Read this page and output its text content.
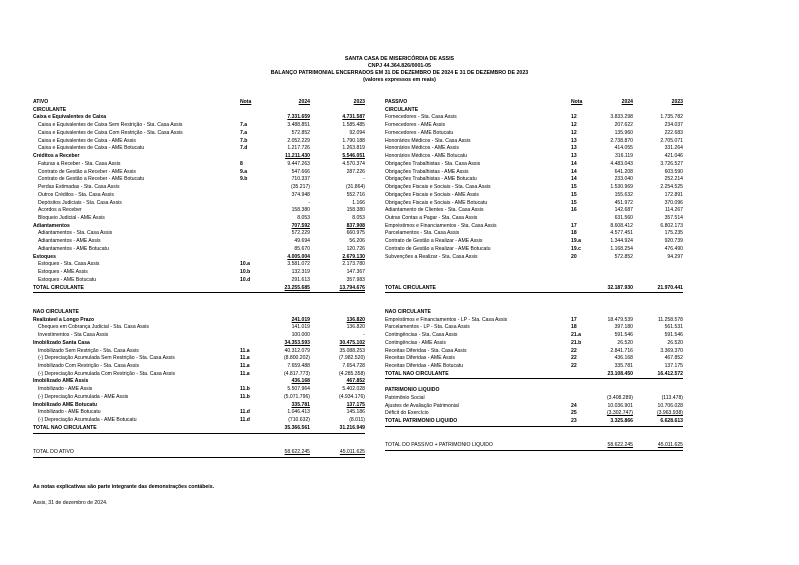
SANTA CASA DE MISERICÓRDIA DE ASSIS
CNPJ 44.364.826/0001-05
BALANÇO PATRIMONIAL ENCERRADOS EM 31 DE DEZEMBRO DE 2024 E 31 DE DEZEMBRO DE 2023
(valores expressos em reais)
ATIVO	Nota	2024	2023
CIRCULANTE
Caixa e Equivalentes de Caixa	7.331.659	4.731.587
Caixa e Equivalentes de Caixa Sem Restrição - Sta. Casa Assis	7.a	3.488.851	1.585.485
Caixa e Equivalentes de Caixa Com Restrição - Sta. Casa Assis	7.a	572.852	92.094
Caixa e Equivalentes de Caixa - AME Assis	7.b	2.052.229	1.790.188
Caixa e Equivalentes de Caixa - AME Botucatu	7.d	1.217.726	1.263.819
Créditos a Receber	11.211.430	5.546.051
Faturas a Receber - Sta. Casa Assis	8	9.447.263	4.570.374
Contrato de Gestão a Receber - AME Assis	9.a	547.666	287.226
Contrato de Gestão a Receber - AME Botucatu	9.b	710.337	-
Perdas Estimadas - Sta. Casa Assis	(35.217)	(31.864)
Outros Créditos - Sta. Casa Assis	374.948	552.716
Depósitos Judiciais - Sta. Casa Assis	-	1.166
Acordos a Receber	158.380	158.380
Bloqueio Judicial - AME Assis	8.053	8.053
Adiantamentos	707.592	837.908
Adiantamentos - Sta. Casa Assis	572.229	660.975
Adiantamentos - AME Assis	49.694	56.206
Adiantamentos - AME Botucatu	85.670	120.726
Estoques	4.005.004	2.679.130
Estoques - Sta. Casa Assis	10.a	3.581.072	2.173.780
Estoques - AME Assis	10.b	132.319	147.367
Estoques - AME Botucatu	10.d	291.613	357.983
TOTAL CIRCULANTE	23.255.685	13.794.676
NÃO CIRCULANTE
Realizável a Longo Prazo	241.019	136.820
Cheques em Cobrança Judicial - Sta. Casa Assis	141.019	136.820
Investimentos - Sta Casa Assis	100.000	-
Imobilizado Santa Casa	34.353.593	30.475.102
Imobilizado Sem Restrição - Sta. Casa Assis	11.a	40.312.079	35.088.253
(-) Depreciação Acumulada Sem Restrição - Sta. Casa Assis	11.a	(8.800.202)	(7.982.520)
Imobilizado Com Restrição - Sta. Casa Assis	11.a	7.659.488	7.654.728
(-) Depreciação Acumulada Com Restrição - Sta. Casa Assis	11.a	(4.817.773)	(4.285.358)
Imobilizado AME Assis	436.168	467.852
Imobilizado - AME Assis	11.b	5.507.964	5.402.028
(-) Depreciação Acumulada - AME Assis	11.b	(5.071.796)	(4.934.176)
Imobilizado AME Botucatu	335.781	137.175
Imobilizado - AME Botucatu	11.d	1.046.413	145.186
(-) Depreciação Acumulada - AME Botucatu	11.d	(710.632)	(8.011)
TOTAL NÃO CIRCULANTE	35.366.561	31.216.949
TOTAL DO ATIVO	58.622.245	45.011.625
PASSIVO	Nota	2024	2023
CIRCULANTE
Fornecedores - Sta. Casa Assis	12	3.833.298	1.735.782
Fornecedores - AME Assis	12	207.622	234.037
Fornecedores - AME Botucatu	12	135.960	222.683
Honorários Médicos - Sta. Casa Assis	13	2.738.870	2.705.071
Honorários Médicos - AME Assis	13	414.055	331.264
Honorários Médicos - AME Botucatu	13	316.119	421.046
Obrigações Trabalhistas - Sta. Casa Assis	14	4.483.043	3.726.527
Obrigações Trabalhistas - AME Assis	14	641.208	603.590
Obrigações Trabalhistas - AME Botucatu	14	233.040	252.214
Obrigações Fiscais e Sociais - Sta. Casa Assis	15	1.530.969	2.254.525
Obrigações Fiscais e Sociais - AME Assis	15	155.632	172.891
Obrigações Fiscais e Sociais - AME Botucatu	15	451.972	370.096
Adiantamento de Clientes - Sta. Casa Assis	16	142.687	114.267
Outras Contas a Pagar - Sta. Casa Assis	631.560	357.514
Empréstimos e Financiamentos - Sta. Casa Assis	17	8.608.412	6.802.173
Parcelamentos - Sta. Casa Assis	18	4.577.451	175.235
Contrato de Gestão a Realizar - AME Assis	19.a	1.344.924	920.739
Contrato de Gestão a Realizar - AME Botucatu	19.c	1.168.254	476.490
Subvenções a Realizar - Sta. Casa Assis	20	572.852	94.297
TOTAL CIRCULANTE	32.187.930	21.970.441
NÃO CIRCULANTE
Empréstimos e Financiamentos - LP - Sta. Casa Assis	17	18.479.539	11.258.578
Parcelamentos - LP - Sta. Casa Assis	18	397.180	561.531
Contingências - Sta. Casa Assis	21.a	591.546	591.546
Contingências - AME Assis	21.b	26.520	26.520
Receitas Diferidas - Sta. Casa Assis	22	2.841.716	3.369.370
Receitas Diferidas - AME Assis	22	436.168	467.852
Receitas Diferidas - AME Botucatu	22	335.781	137.175
TOTAL NÃO CIRCULANTE	23.108.450	16.412.572
PATRIMÔNIO LÍQUIDO
Patrimônio Social	(3.408.289)	(113.478)
Ajustes de Avaliação Patrimonial	24	10.036.901	10.706.028
Déficit do Exercício	25	(3.302.747)	(3.963.938)
TOTAL PATRIMÔNIO LÍQUIDO	23	3.325.866	6.628.613
TOTAL DO PASSIVO + PATRIMÔNIO LÍQUIDO	58.622.245	45.011.625
As notas explicativas são parte integrante das demonstrações contábeis.
Assis, 31 de dezembro de 2024.
